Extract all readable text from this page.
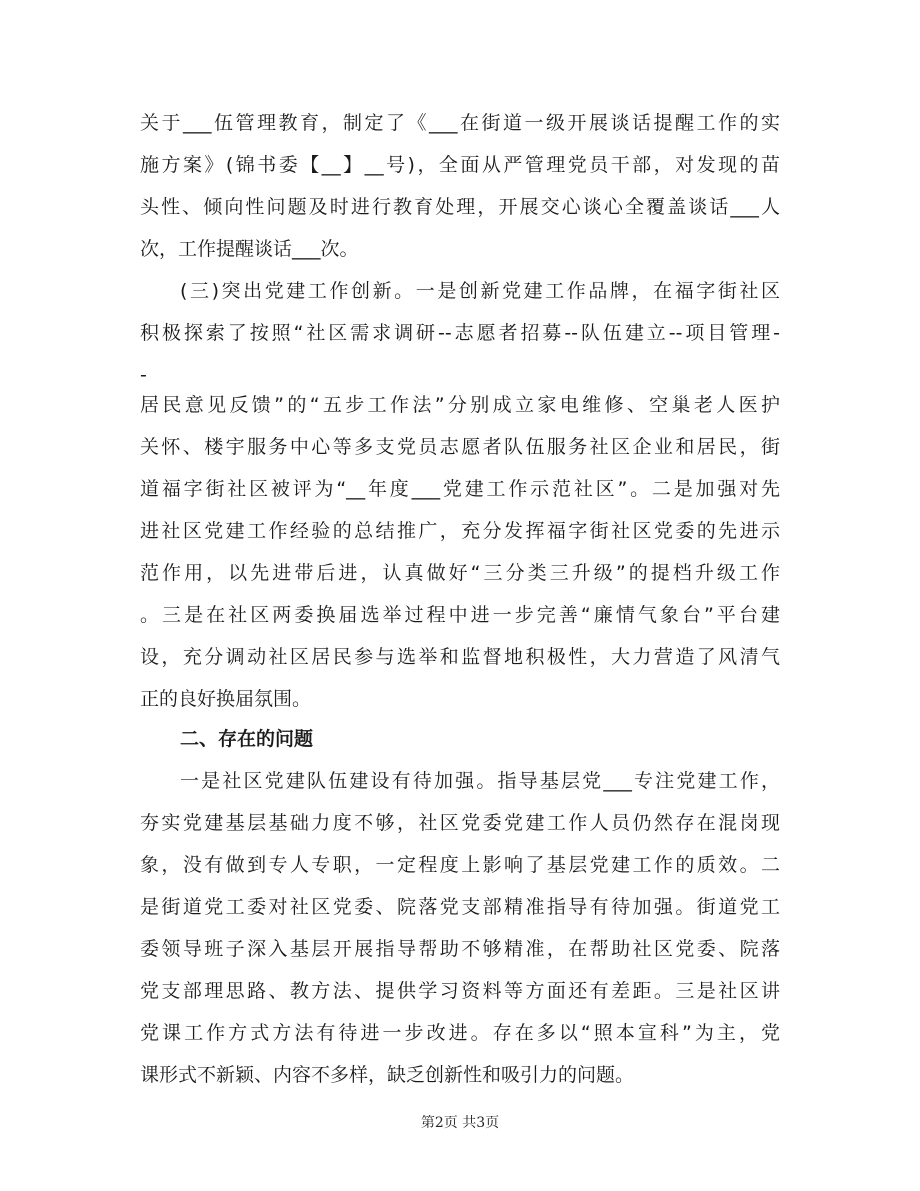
关于___伍管理教育，制定了《___在街道一级开展谈话提醒工作的实
施方案》(锦书委【__】__号)，全面从严管理党员干部，对发现的苗
头性、倾向性问题及时进行教育处理，开展交心谈心全覆盖谈话___人
次，工作提醒谈话___次。
(三)突出党建工作创新。一是创新党建工作品牌，在福字街社区
积极探索了按照“社区需求调研--志愿者招募--队伍建立--项目管理-
-
居民意见反馈”的“五步工作法”分别成立家电维修、空巢老人医护
关怀、楼宇服务中心等多支党员志愿者队伍服务社区企业和居民，街
道福字街社区被评为“__年度___党建工作示范社区”。二是加强对先
进社区党建工作经验的总结推广，充分发挥福字街社区党委的先进示
范作用，以先进带后进，认真做好“三分类三升级”的提档升级工作
。三是在社区两委换届选举过程中进一步完善“廉情气象台”平台建
设，充分调动社区居民参与选举和监督地积极性，大力营造了风清气
正的良好换届氛围。
二、存在的问题
一是社区党建队伍建设有待加强。指导基层党___专注党建工作，
夯实党建基层基础力度不够，社区党委党建工作人员仍然存在混岗现
象，没有做到专人专职，一定程度上影响了基层党建工作的质效。二
是街道党工委对社区党委、院落党支部精准指导有待加强。街道党工
委领导班子深入基层开展指导帮助不够精准，在帮助社区党委、院落
党支部理思路、教方法、提供学习资料等方面还有差距。三是社区讲
党课工作方式方法有待进一步改进。存在多以“照本宣科”为主，党
课形式不新颖、内容不多样，缺乏创新性和吸引力的问题。
第2页 共3页
